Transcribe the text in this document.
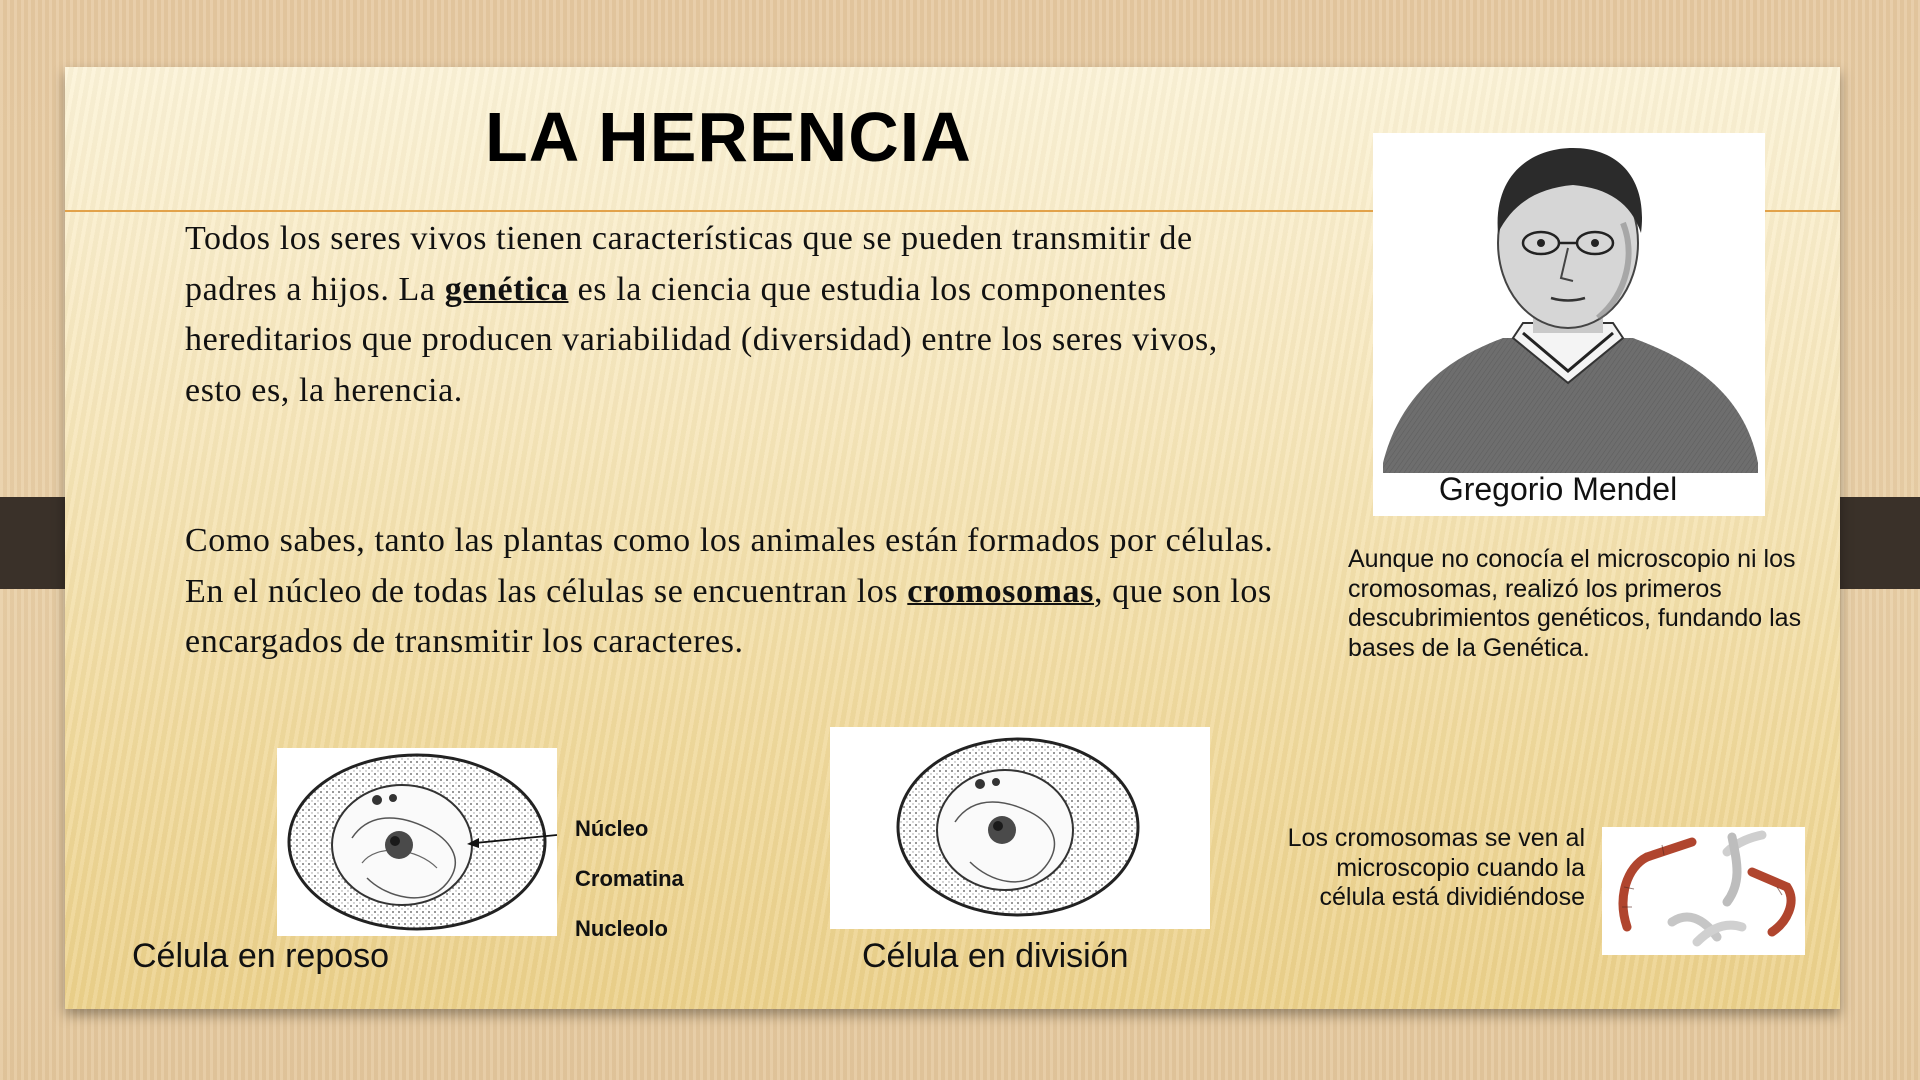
LA HERENCIA

Todos los seres vivos tienen características que se pueden transmitir de padres a hijos. La genética es la ciencia que estudia los componentes hereditarios que producen variabilidad (diversidad) entre los seres vivos, esto es, la herencia.

Como sabes, tanto las plantas como los animales están formados por células. En el núcleo de todas las células se encuentran los cromosomas, que son los encargados de transmitir los caracteres.

Gregorio Mendel

Aunque no conocía el microscopio ni los cromosomas, realizó los primeros descubrimientos genéticos, fundando las bases de la Genética.

Núcleo
Cromatina
Nucleolo
Célula en reposo	Célula en división

Los cromosomas se ven al microscopio cuando la célula está dividiéndose
